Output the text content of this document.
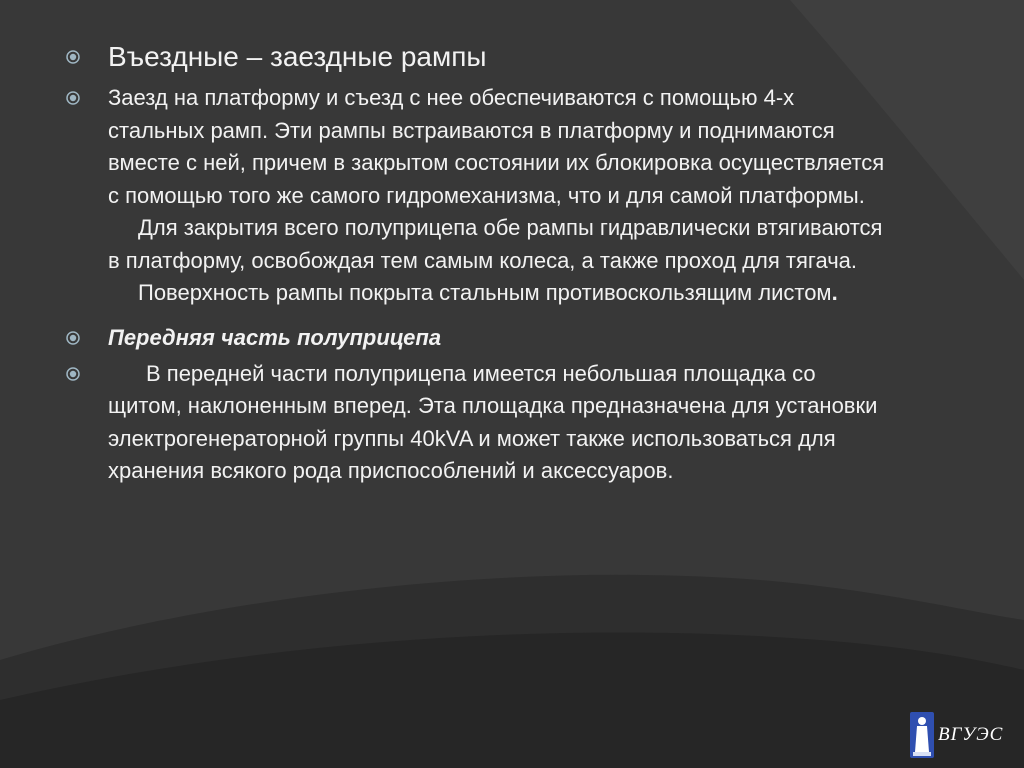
Въездные – заездные рампы

Заезд на платформу и съезд с нее обеспечиваются с помощью 4-х стальных рамп. Эти рампы встраиваются в платформу и поднимаются вместе с ней, причем в закрытом состоянии их блокировка осуществляется с помощью того же самого гидромеханизма, что и для самой платформы.

Для закрытия всего полуприцепа обе рампы гидравлически втягиваются в платформу, освобождая тем самым колеса, а также проход для тягача.

Поверхность рампы покрыта стальным противоскользящим листом.

Передняя часть полуприцепа

В передней части полуприцепа имеется небольшая площадка со щитом, наклоненным вперед. Эта площадка предназначена для установки электрогенераторной группы 40kVA и может также использоваться для хранения всякого рода приспособлений и аксессуаров.

ВГУЭС
